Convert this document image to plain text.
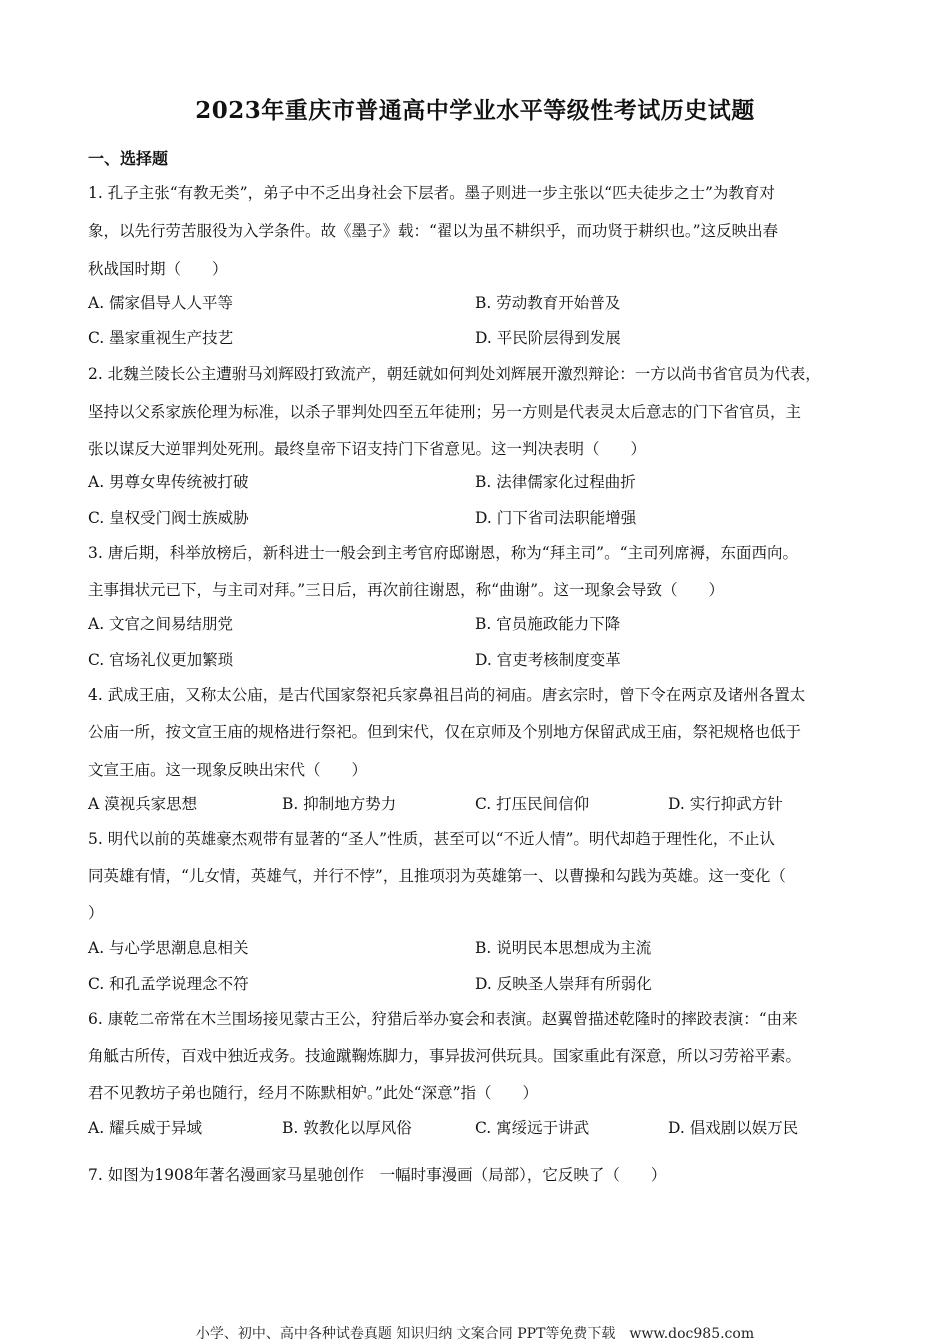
2023年重庆市普通高中学业水平等级性考试历史试题
一、选择题
1. 孔子主张“有教无类”，弟子中不乏出身社会下层者。墨子则进一步主张以“匹夫徒步之士”为教育对
象，以先行劳苦服役为入学条件。故《墨子》载：“翟以为虽不耕织乎，而功贤于耕织也。”这反映出春
秋战国时期（　　）
A. 儒家倡导人人平等	B. 劳动教育开始普及
C. 墨家重视生产技艺	D. 平民阶层得到发展
2. 北魏兰陵长公主遭驸马刘辉殴打致流产，朝廷就如何判处刘辉展开激烈辩论：一方以尚书省官员为代表，
坚持以父系家族伦理为标准，以杀子罪判处四至五年徒刑；另一方则是代表灵太后意志的门下省官员，主
张以谋反大逆罪判处死刑。最终皇帝下诏支持门下省意见。这一判决表明（　　）
A. 男尊女卑传统被打破	B. 法律儒家化过程曲折
C. 皇权受门阀士族威胁	D. 门下省司法职能增强
3. 唐后期，科举放榜后，新科进士一般会到主考官府邸谢恩，称为“拜主司”。“主司列席褥，东面西向。
主事揖状元已下，与主司对拜。”三日后，再次前往谢恩，称“曲谢”。这一现象会导致（　　）
A. 文官之间易结朋党	B. 官员施政能力下降
C. 官场礼仪更加繁琐	D. 官吏考核制度变革
4. 武成王庙，又称太公庙，是古代国家祭祀兵家鼻祖吕尚的祠庙。唐玄宗时，曾下令在两京及诸州各置太
公庙一所，按文宣王庙的规格进行祭祀。但到宋代，仅在京师及个别地方保留武成王庙，祭祀规格也低于
文宣王庙。这一现象反映出宋代（　　）
A 漠视兵家思想	B. 抑制地方势力	C. 打压民间信仰	D. 实行抑武方针
5. 明代以前的英雄豪杰观带有显著的“圣人”性质，甚至可以“不近人情”。明代却趋于理性化，不止认
同英雄有情，“儿女情，英雄气，并行不悖”，且推项羽为英雄第一、以曹操和勾践为英雄。这一变化（
）
A. 与心学思潮息息相关	B. 说明民本思想成为主流
C. 和孔孟学说理念不符	D. 反映圣人崇拜有所弱化
6. 康乾二帝常在木兰围场接见蒙古王公，狩猎后举办宴会和表演。赵翼曾描述乾隆时的摔跤表演：“由来
角觝古所传，百戏中独近戎务。技逾蹴鞠炼脚力，事异拔河供玩具。国家重此有深意，所以习劳裕平素。
君不见教坊子弟也随行，经月不陈默相妒。”此处“深意”指（　　）
A. 耀兵威于异域	B. 敦教化以厚风俗	C. 寓绥远于讲武	D. 倡戏剧以娱万民
7. 如图为1908年著名漫画家马星驰创作　一幅时事漫画（局部），它反映了（　　）
小学、初中、高中各种试卷真题 知识归纳 文案合同 PPT等免费下载　www.doc985.com
